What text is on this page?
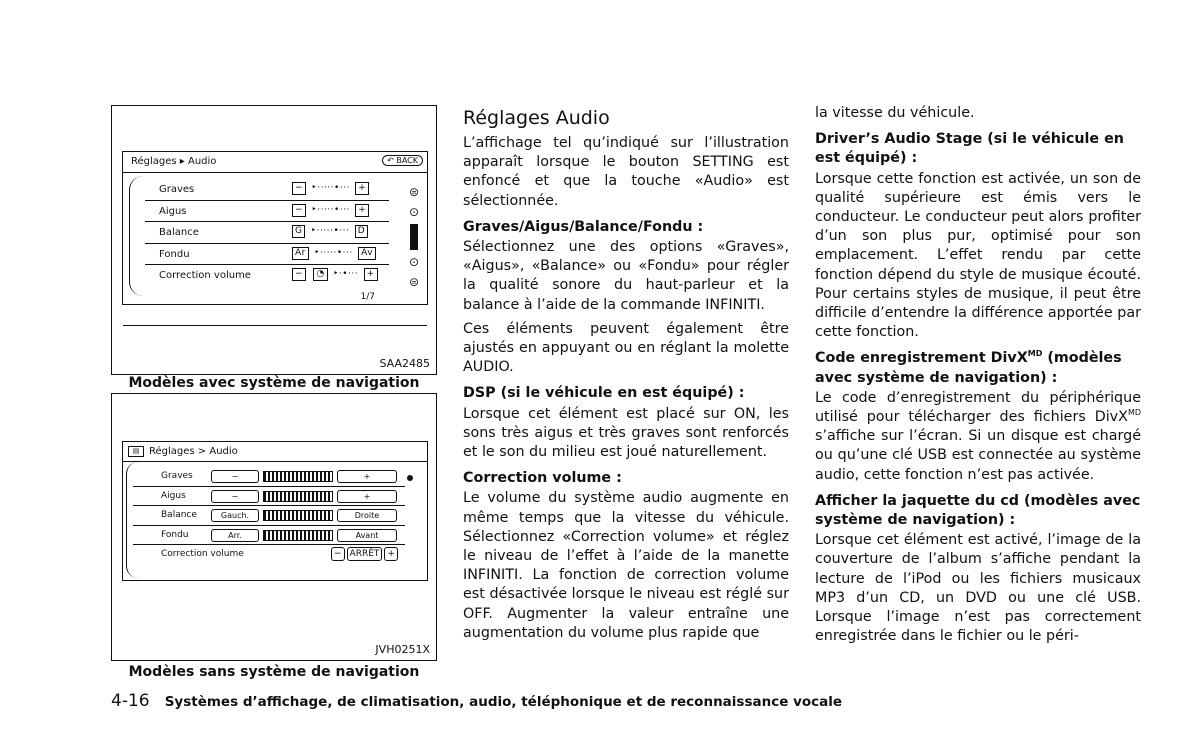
Réglages ▸ Audio	↶ BACK
Graves	− ‣·····•··· +
Aigus	− ‣·····•··· +
Balance	G ‣·····•··· D
Fondu	Ar ‣·····•··· Av
Correction volume	− ◔ ‣·•··· +
1/7
⊜
⊙
⊙
⊜
SAA2485
Modèles avec système de navigation
▤ Réglages > Audio
Graves	−	+
Aigus	−	+
Balance	Gauch.	Droite
Fondu	Arr.	Avant
Correction volume	− ARRÊT +
JVH0251X
Modèles sans système de navigation
Réglages Audio

L’affichage tel qu’indiqué sur l’illustration apparaît lorsque le bouton SETTING est enfoncé et que la touche «Audio» est sélectionnée.

Graves/Aigus/Balance/Fondu :

Sélectionnez une des options «Graves», «Aigus», «Balance» ou «Fondu» pour régler la qualité sonore du haut-parleur et la balance à l’aide de la commande INFINITI.

Ces éléments peuvent également être ajustés en appuyant ou en réglant la molette AUDIO.

DSP (si le véhicule en est équipé) :

Lorsque cet élément est placé sur ON, les sons très aigus et très graves sont renforcés et le son du milieu est joué naturellement.

Correction volume :

Le volume du système audio augmente en même temps que la vitesse du véhicule. Sélectionnez «Correction volume» et réglez le niveau de l’effet à l’aide de la manette INFINITI. La fonction de correction volume est désactivée lorsque le niveau est réglé sur OFF. Augmenter la valeur entraîne une augmentation du volume plus rapide que

la vitesse du véhicule.

Driver’s Audio Stage (si le véhicule en est équipé) :

Lorsque cette fonction est activée, un son de qualité supérieure est émis vers le conducteur. Le conducteur peut alors profiter d’un son plus pur, optimisé pour son emplacement. L’effet rendu par cette fonction dépend du style de musique écouté. Pour certains styles de musique, il peut être difficile d’entendre la différence apportée par cette fonction.

Code enregistrement DivX$^{MD}$ (modèles avec système de navigation) :

Le code d’enregistrement du périphérique utilisé pour télécharger des fichiers DivX$^{MD}$ s’affiche sur l’écran. Si un disque est chargé ou qu’une clé USB est connectée au système audio, cette fonction n’est pas activée.

Afficher la jaquette du cd (modèles avec système de navigation) :

Lorsque cet élément est activé, l’image de la couverture de l’album s’affiche pendant la lecture de l’iPod ou les fichiers musicaux MP3 d’un CD, un DVD ou une clé USB. Lorsque l’image n’est pas correctement enregistrée dans le fichier ou le péri-

4-16 Systèmes d’affichage, de climatisation, audio, téléphonique et de reconnaissance vocale
